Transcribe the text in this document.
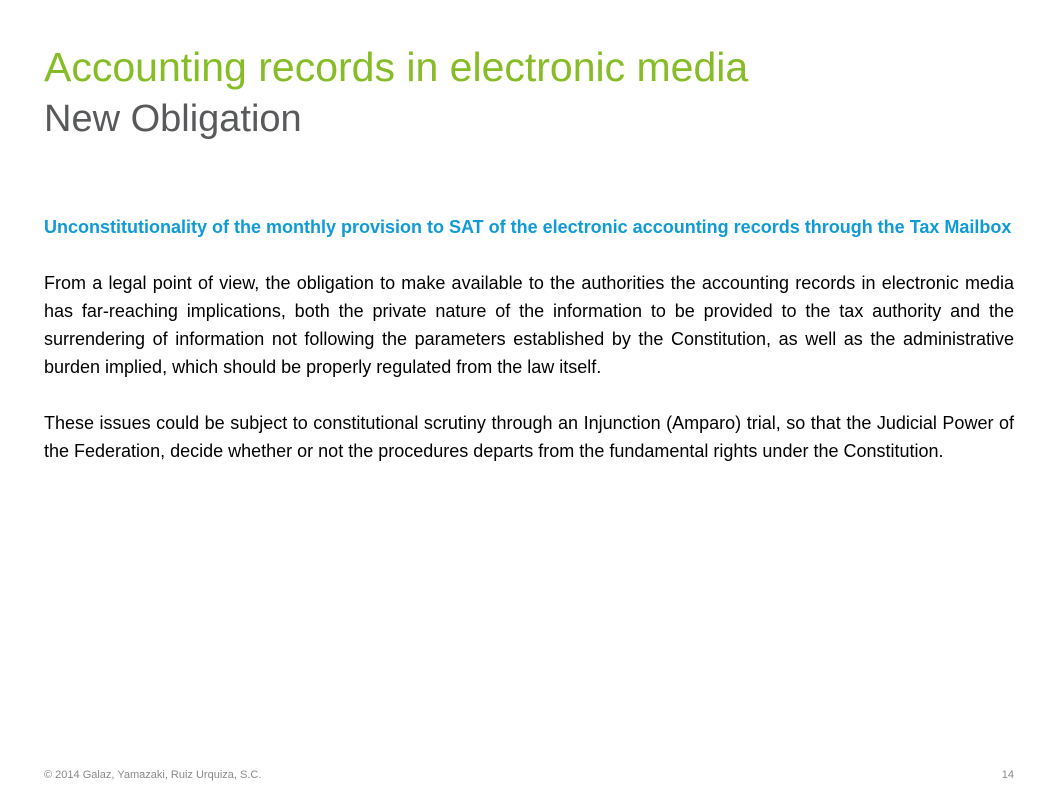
Accounting records in electronic media
New Obligation

Unconstitutionality of the monthly provision to SAT of the electronic accounting records through the Tax Mailbox

From a legal point of view, the obligation to make available to the authorities the accounting records in electronic media has far-reaching implications, both the private nature of the information to be provided to the tax authority and the surrendering of information not following the parameters established by the Constitution, as well as the administrative burden implied, which should be properly regulated from the law itself.

These issues could be subject to constitutional scrutiny through an Injunction (Amparo) trial, so that the Judicial Power of the Federation, decide whether or not the procedures departs from the fundamental rights under the Constitution.

© 2014 Galaz, Yamazaki, Ruiz Urquiza, S.C.	14
